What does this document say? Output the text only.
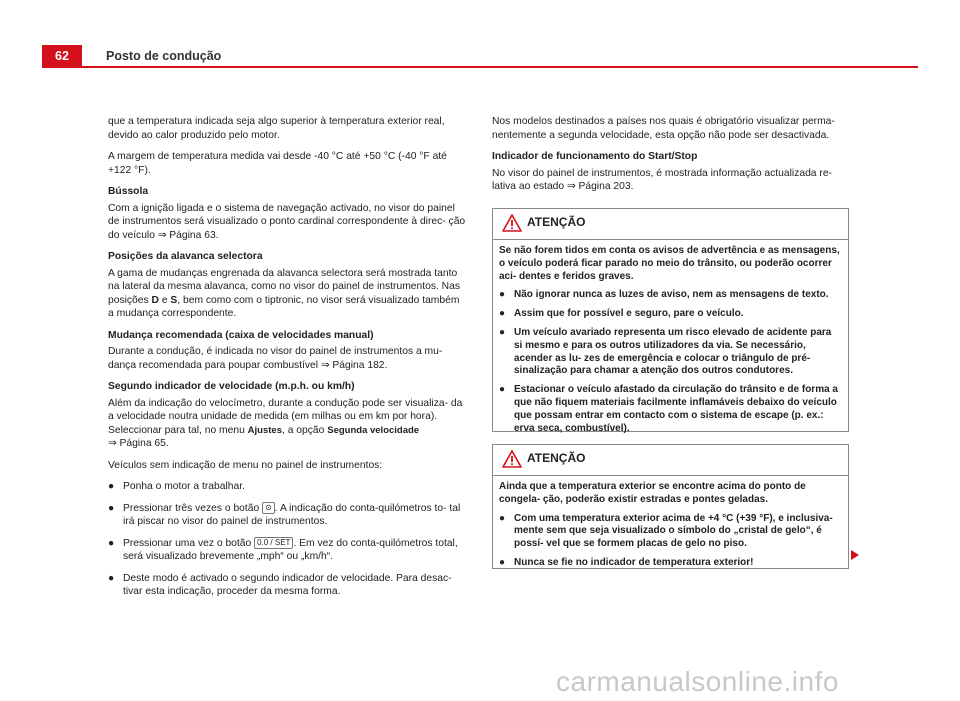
62	Posto de condução

que a temperatura indicada seja algo superior à temperatura exterior real, devido ao calor produzido pelo motor.

A margem de temperatura medida vai desde -40 °C até +50 °C (-40 °F até +122 °F).

Bússola

Com a ignição ligada e o sistema de navegação activado, no visor do painel de instrumentos será visualizado o ponto cardinal correspondente à direc- ção do veículo ⇒ Página 63.

Posições da alavanca selectora

A gama de mudanças engrenada da alavanca selectora será mostrada tanto na lateral da mesma alavanca, como no visor do painel de instrumentos. Nas posições D e S, bem como com o tiptronic, no visor será visualizado também a mudança correspondente.

Mudança recomendada (caixa de velocidades manual)

Durante a condução, é indicada no visor do painel de instrumentos a mu- dança recomendada para poupar combustível ⇒ Página 182.

Segundo indicador de velocidade (m.p.h. ou km/h)

Além da indicação do velocímetro, durante a condução pode ser visualiza- da a velocidade noutra unidade de medida (em milhas ou em km por hora). Seleccionar para tal, no menu Ajustes, a opção Segunda velocidade
⇒ Página 65.

Veículos sem indicação de menu no painel de instrumentos:

● Ponha o motor a trabalhar.
● Pressionar três vezes o botão ⊙ . A indicação do conta-quilómetros to- tal irá piscar no visor do painel de instrumentos.
● Pressionar uma vez o botão 0.0 / SET . Em vez do conta-quilómetros total, será visualizado brevemente „mph“ ou „km/h“.
● Deste modo é activado o segundo indicador de velocidade. Para desac- tivar esta indicação, proceder da mesma forma.

Nos modelos destinados a países nos quais é obrigatório visualizar perma- nentemente a segunda velocidade, esta opção não pode ser desactivada.

Indicador de funcionamento do Start/Stop

No visor do painel de instrumentos, é mostrada informação actualizada re- lativa ao estado ⇒ Página 203.

ATENÇÃO

Se não forem tidos em conta os avisos de advertência e as mensagens, o veículo poderá ficar parado no meio do trânsito, ou poderão ocorrer aci- dentes e feridos graves.

● Não ignorar nunca as luzes de aviso, nem as mensagens de texto.
● Assim que for possível e seguro, pare o veículo.
● Um veículo avariado representa um risco elevado de acidente para si mesmo e para os outros utilizadores da via. Se necessário, acender as lu- zes de emergência e colocar o triângulo de pré-sinalização para chamar a atenção dos outros condutores.
● Estacionar o veículo afastado da circulação do trânsito e de forma a que não fiquem materiais facilmente inflamáveis debaixo do veículo que possam entrar em contacto com o sistema de escape (p. ex.: erva seca, combustível).
ATENÇÃO

Ainda que a temperatura exterior se encontre acima do ponto de congela- ção, poderão existir estradas e pontes geladas.

● Com uma temperatura exterior acima de +4 °C (+39 °F), e inclusiva- mente sem que seja visualizado o símbolo do „cristal de gelo“, é possí- vel que se formem placas de gelo no piso.
● Nunca se fie no indicador de temperatura exterior!
carmanualsonline.info
